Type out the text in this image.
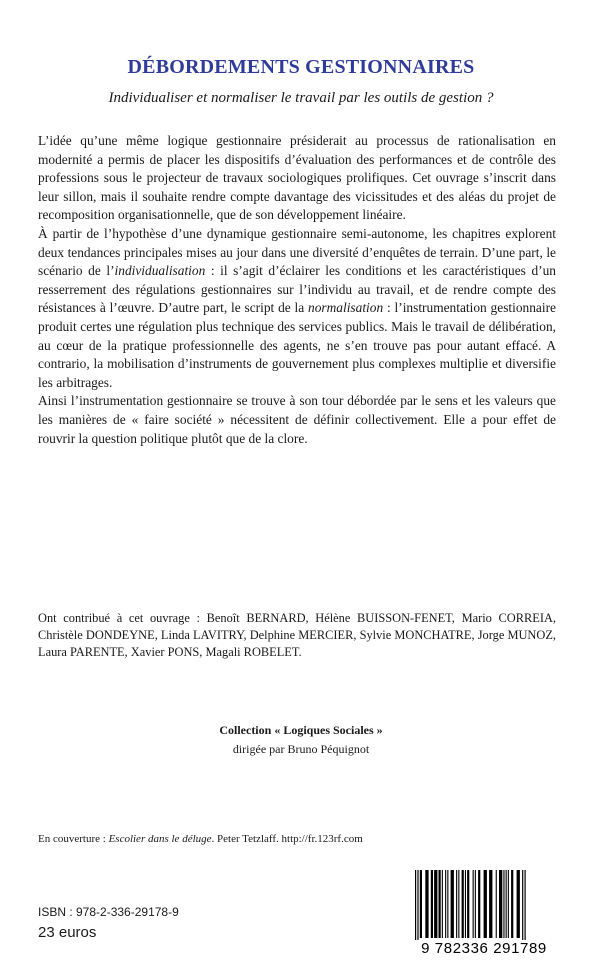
DÉBORDEMENTS GESTIONNAIRES
Individualiser et normaliser le travail par les outils de gestion ?

L’idée qu’une même logique gestionnaire présiderait au processus de rationalisation en modernité a permis de placer les dispositifs d’évaluation des performances et de contrôle des professions sous le projecteur de travaux sociologiques prolifiques. Cet ouvrage s’inscrit dans leur sillon, mais il souhaite rendre compte davantage des vicissitudes et des aléas du projet de recomposition organisationnelle, que de son développement linéaire.

À partir de l’hypothèse d’une dynamique gestionnaire semi-autonome, les chapitres explorent deux tendances principales mises au jour dans une diversité d’enquêtes de terrain. D’une part, le scénario de l’individualisation : il s’agit d’éclairer les conditions et les caractéristiques d’un resserrement des régulations gestionnaires sur l’individu au travail, et de rendre compte des résistances à l’œuvre. D’autre part, le script de la normalisation : l’instrumentation gestionnaire produit certes une régulation plus technique des services publics. Mais le travail de délibération, au cœur de la pratique professionnelle des agents, ne s’en trouve pas pour autant effacé. A contrario, la mobilisation d’instruments de gouvernement plus complexes multiplie et diversifie les arbitrages.

Ainsi l’instrumentation gestionnaire se trouve à son tour débordée par le sens et les valeurs que les manières de « faire société » nécessitent de définir collectivement. Elle a pour effet de rouvrir la question politique plutôt que de la clore.

Ont contribué à cet ouvrage : Benoît BERNARD, Hélène BUISSON-FENET, Mario CORREIA, Christèle DONDEYNE, Linda LAVITRY, Delphine MERCIER, Sylvie MONCHATRE, Jorge MUNOZ, Laura PARENTE, Xavier PONS, Magali ROBELET.
Collection « Logiques Sociales »
dirigée par Bruno Péquignot
En couverture : Escolier dans le déluge. Peter Tetzlaff. http://fr.123rf.com
ISBN : 978-2-336-29178-9
23 euros
9 782336 291789
